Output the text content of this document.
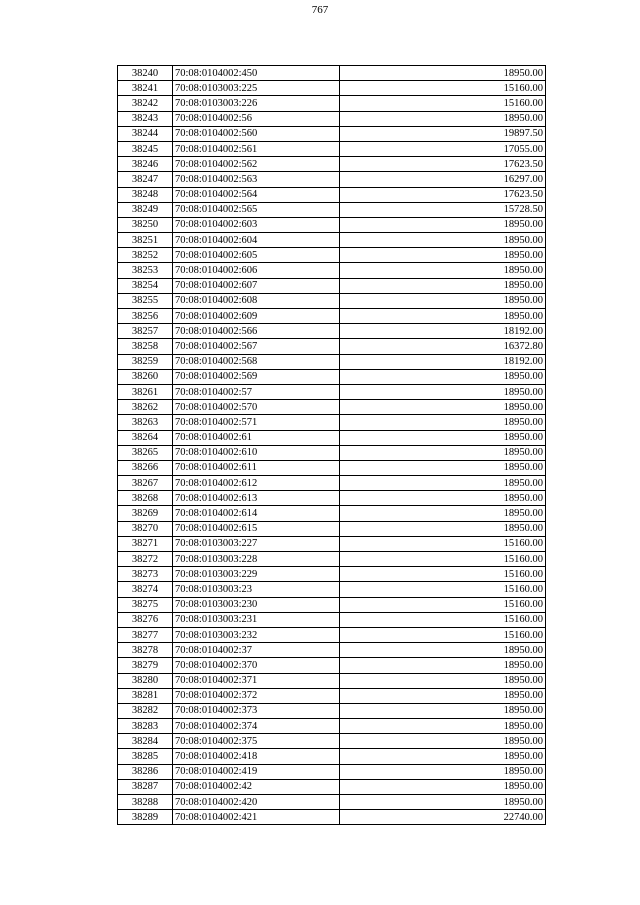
767
38240	70:08:0104002:450	18950.00
38241	70:08:0103003:225	15160.00
38242	70:08:0103003:226	15160.00
38243	70:08:0104002:56	18950.00
38244	70:08:0104002:560	19897.50
38245	70:08:0104002:561	17055.00
38246	70:08:0104002:562	17623.50
38247	70:08:0104002:563	16297.00
38248	70:08:0104002:564	17623.50
38249	70:08:0104002:565	15728.50
38250	70:08:0104002:603	18950.00
38251	70:08:0104002:604	18950.00
38252	70:08:0104002:605	18950.00
38253	70:08:0104002:606	18950.00
38254	70:08:0104002:607	18950.00
38255	70:08:0104002:608	18950.00
38256	70:08:0104002:609	18950.00
38257	70:08:0104002:566	18192.00
38258	70:08:0104002:567	16372.80
38259	70:08:0104002:568	18192.00
38260	70:08:0104002:569	18950.00
38261	70:08:0104002:57	18950.00
38262	70:08:0104002:570	18950.00
38263	70:08:0104002:571	18950.00
38264	70:08:0104002:61	18950.00
38265	70:08:0104002:610	18950.00
38266	70:08:0104002:611	18950.00
38267	70:08:0104002:612	18950.00
38268	70:08:0104002:613	18950.00
38269	70:08:0104002:614	18950.00
38270	70:08:0104002:615	18950.00
38271	70:08:0103003:227	15160.00
38272	70:08:0103003:228	15160.00
38273	70:08:0103003:229	15160.00
38274	70:08:0103003:23	15160.00
38275	70:08:0103003:230	15160.00
38276	70:08:0103003:231	15160.00
38277	70:08:0103003:232	15160.00
38278	70:08:0104002:37	18950.00
38279	70:08:0104002:370	18950.00
38280	70:08:0104002:371	18950.00
38281	70:08:0104002:372	18950.00
38282	70:08:0104002:373	18950.00
38283	70:08:0104002:374	18950.00
38284	70:08:0104002:375	18950.00
38285	70:08:0104002:418	18950.00
38286	70:08:0104002:419	18950.00
38287	70:08:0104002:42	18950.00
38288	70:08:0104002:420	18950.00
38289	70:08:0104002:421	22740.00
